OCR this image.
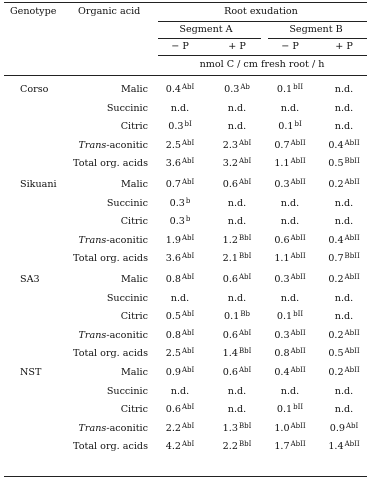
Genotype Organic acid	Root exudation
Segment A	Segment B
− P	+ P	− P	+ P
nmol C / cm fresh root / h
Corso	Malic $0.4^{AbI}$	$0.3^{Ab}$	$0.1^{bII}$	n.d.
Succinic n.d.	n.d.	n.d.	n.d.
Citric $0.3^{bI}$	n.d.	$0.1^{bI}$	n.d.
Trans-aconitic $2.5^{AbI}$	$2.3^{AbI}$ $0.7^{AbII}$ $0.4^{AbII}$
Total org. acids $3.6^{AbI}$	$3.2^{AbI}$ $1.1^{AbII}$ $0.5^{BbII}$
Sikuani	Malic $0.7^{AbI}$	$0.6^{AbI}$ $0.3^{AbII}$ $0.2^{AbII}$
Succinic 0.3$^b$	n.d.	n.d.	n.d.
Citric 0.3$^b$	n.d.	n.d.	n.d.
Trans-aconitic $1.9^{AbI}$	$1.2^{BbI}$ $0.6^{AbII}$ $0.4^{AbII}$
Total org. acids $3.6^{AbI}$	$2.1^{BbI}$ $1.1^{AbII}$ $0.7^{BbII}$
SA3	Malic $0.8^{AbI}$	$0.6^{AbI}$ $0.3^{AbII}$ $0.2^{AbII}$
Succinic n.d.	n.d.	n.d.	n.d.
Citric $0.5^{AbI}$	$0.1^{Bb}$	$0.1^{bII}$	n.d.
Trans-aconitic $0.8^{AbI}$	$0.6^{AbI}$ $0.3^{AbII}$ $0.2^{AbII}$
Total org. acids $2.5^{AbI}$	$1.4^{BbI}$ $0.8^{AbII}$ $0.5^{AbII}$
NST	Malic $0.9^{AbI}$	$0.6^{AbI}$ $0.4^{AbII}$ $0.2^{AbII}$
Succinic n.d.	n.d.	n.d.	n.d.
Citric $0.6^{AbI}$	n.d.	$0.1^{bII}$	n.d.
Trans-aconitic $2.2^{AbI}$	$1.3^{BbI}$ $1.0^{AbII}$	$0.9^{AbI}$
Total org. acids $4.2^{AbI}$	$2.2^{BbI}$ $1.7^{AbII}$ $1.4^{AbII}$
